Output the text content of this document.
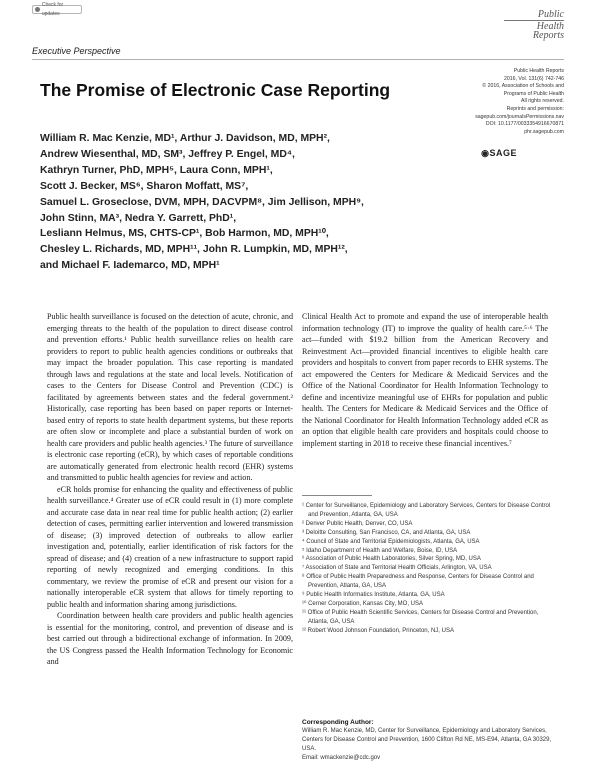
Check for updates	Public
Health
Reports
Executive Perspective
Public Health Reports
2016, Vol. 131(6) 742-746
© 2016, Association of Schools and
Programs of Public Health
All rights reserved.
Reprints and permission:
sagepub.com/journalsPermissions.nav
DOI: 10.1177/0033354916670871
phr.sagepub.com
◉SAGE
The Promise of Electronic Case Reporting
William R. Mac Kenzie, MD¹, Arthur J. Davidson, MD, MPH²,
Andrew Wiesenthal, MD, SM³, Jeffrey P. Engel, MD⁴,
Kathryn Turner, PhD, MPH⁵, Laura Conn, MPH¹,
Scott J. Becker, MS⁶, Sharon Moffatt, MS⁷,
Samuel L. Groseclose, DVM, MPH, DACVPM⁸, Jim Jellison, MPH⁹,
John Stinn, MA³, Nedra Y. Garrett, PhD¹,
Lesliann Helmus, MS, CHTS-CP¹, Bob Harmon, MD, MPH¹⁰,
Chesley L. Richards, MD, MPH¹¹, John R. Lumpkin, MD, MPH¹²,
and Michael F. Iademarco, MD, MPH¹

Public health surveillance is focused on the detection of acute, chronic, and emerging threats to the health of the population to direct disease control and prevention efforts.¹ Public health surveillance relies on health care providers to report to public health agencies conditions or outbreaks that may impact the broader population. This case reporting is mandated through laws and regulations at the state and local levels. Notification of cases to the Centers for Disease Control and Prevention (CDC) is facilitated by agreements between states and the federal government.² Historically, case reporting has been based on paper reports or Internet-based entry of reports to state health department systems, but these reports are often slow or incomplete and place a substantial burden of work on health care providers and public health agencies.³ The future of surveillance is electronic case reporting (eCR), by which cases of reportable conditions are automatically generated from electronic health record (EHR) systems and transmitted to public health agencies for review and action.

eCR holds promise for enhancing the quality and effectiveness of public health surveillance.⁴ Greater use of eCR could result in (1) more complete and accurate case data in near real time for public health action; (2) earlier detection of cases, permitting earlier intervention and lowered transmission of disease; (3) improved detection of outbreaks to allow earlier investigation and, potentially, earlier identification of risk factors for the spread of disease; and (4) creation of a new infrastructure to support rapid reporting of newly recognized and emerging conditions. In this commentary, we review the promise of eCR and present our vision for a nationally interoperable eCR system that allows for timely reporting to public health and information sharing among jurisdictions.

Coordination between health care providers and public health agencies is essential for the monitoring, control, and prevention of disease and is best carried out through a bidirectional exchange of information. In 2009, the US Congress passed the Health Information Technology for Economic and

Clinical Health Act to promote and expand the use of interoperable health information technology (IT) to improve the quality of health care.⁵·⁶ The act—funded with $19.2 billion from the American Recovery and Reinvestment Act—provided financial incentives to eligible health care providers and hospitals to convert from paper records to EHR systems. The act empowered the Centers for Medicare & Medicaid Services and the Office of the National Coordinator for Health Information Technology to define and incentivize meaningful use of EHRs for population and public health. The Centers for Medicare & Medicaid Services and the Office of the National Coordinator for Health Information Technology added eCR as an option that eligible health care providers and hospitals could choose to implement starting in 2018 to receive these financial incentives.⁷

¹ Center for Surveillance, Epidemiology and Laboratory Services, Centers for Disease Control and Prevention, Atlanta, GA, USA
² Denver Public Health, Denver, CO, USA
³ Deloitte Consulting, San Francisco, CA, and Atlanta, GA, USA
⁴ Council of State and Territorial Epidemiologists, Atlanta, GA, USA
⁵ Idaho Department of Health and Welfare, Boise, ID, USA
⁶ Association of Public Health Laboratories, Silver Spring, MD, USA
⁷ Association of State and Territorial Health Officials, Arlington, VA, USA
⁸ Office of Public Health Preparedness and Response, Centers for Disease Control and Prevention, Atlanta, GA, USA
⁹ Public Health Informatics Institute, Atlanta, GA, USA
¹⁰ Cerner Corporation, Kansas City, MO, USA
¹¹ Office of Public Health Scientific Services, Centers for Disease Control and Prevention, Atlanta, GA, USA
¹² Robert Wood Johnson Foundation, Princeton, NJ, USA
Corresponding Author:
William R. Mac Kenzie, MD, Center for Surveillance, Epidemiology and Laboratory Services, Centers for Disease Control and Prevention, 1600 Clifton Rd NE, MS-E94, Atlanta, GA 30329, USA.
Email: wmackenzie@cdc.gov
